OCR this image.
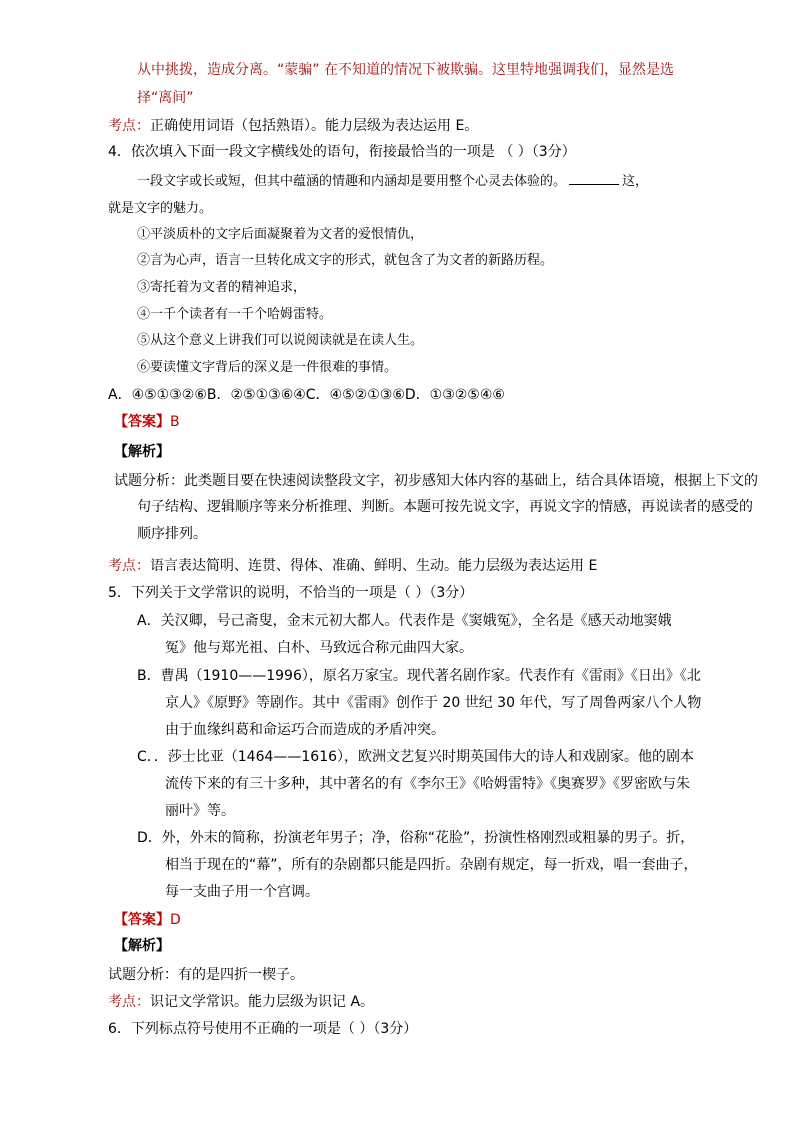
从中挑拨，造成分离。“蒙骗” 在不知道的情况下被欺骗。这里特地强调我们，显然是选
择“离间”
考点：正确使用词语（包括熟语）。能力层级为表达运用 E。
4．依次填入下面一段文字横线处的语句，衔接最恰当的一项是 （ ）（3分）
一段文字或长或短，但其中蕴涵的情趣和内涵却是要用整个心灵去体验的。	这，
就是文字的魅力。
①平淡质朴的文字后面凝聚着为文者的爱恨情仇，
②言为心声，语言一旦转化成文字的形式，就包含了为文者的新路历程。
③寄托着为文者的精神追求，
④一千个读者有一千个哈姆雷特。
⑤从这个意义上讲我们可以说阅读就是在读人生。
⑥要读懂文字背后的深义是一件很难的事情。
A．④⑤①③②⑥B．②⑤①③⑥④C．④⑤②①③⑥D．①③②⑤④⑥
【答案】B
【解析】
试题分析：此类题目要在快速阅读整段文字，初步感知大体内容的基础上，结合具体语境，根据上下文的
句子结构、逻辑顺序等来分析推理、判断。本题可按先说文字，再说文字的情感，再说读者的感受的
顺序排列。
考点：语言表达简明、连贯、得体、准确、鲜明、生动。能力层级为表达运用 E
5．下列关于文学常识的说明，不恰当的一项是（ ）（3分）
A．关汉卿，号己斋叟，金末元初大都人。代表作是《窦娥冤》，全名是《感天动地窦娥
冤》他与郑光祖、白朴、马致远合称元曲四大家。
B．曹禺（1910——1996），原名万家宝。现代著名剧作家。代表作有《雷雨》《日出》《北
京人》《原野》等剧作。其中《雷雨》创作于 20 世纪 30 年代，写了周鲁两家八个人物
由于血缘纠葛和命运巧合而造成的矛盾冲突。
C．．莎士比亚（1464——1616），欧洲文艺复兴时期英国伟大的诗人和戏剧家。他的剧本
流传下来的有三十多种，其中著名的有《李尔王》《哈姆雷特》《奥赛罗》《罗密欧与朱
丽叶》等。
D．外，外末的简称，扮演老年男子；净，俗称“花脸”，扮演性格刚烈或粗暴的男子。折，
相当于现在的“幕”，所有的杂剧都只能是四折。杂剧有规定，每一折戏，唱一套曲子，
每一支曲子用一个宫调。
【答案】D
【解析】
试题分析：有的是四折一楔子。
考点：识记文学常识。能力层级为识记 A。
6．下列标点符号使用不正确的一项是（ ）（3分）
